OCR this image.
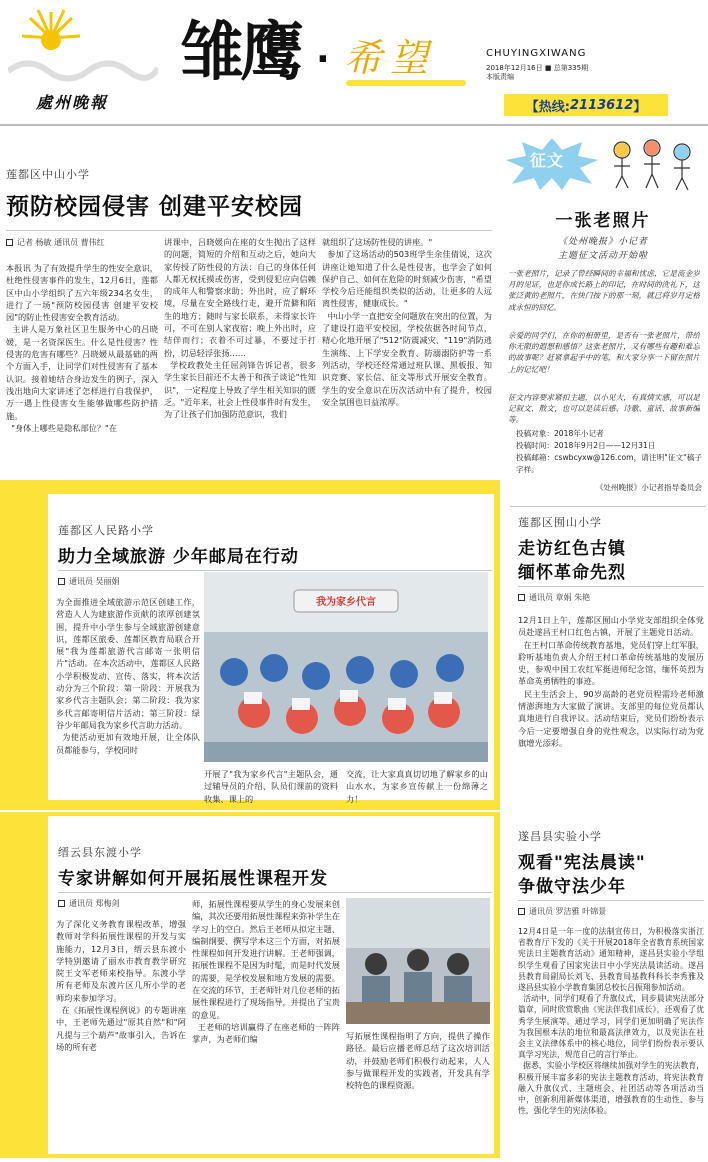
處州晚報
雏鹰 · 希望	CHUYINGXIWANG
2018年12月16日 ■ 总第335期
本版责编
【 热线: 2113612 】
莲都区中山小学
预防校园侵害 创建平安校园
记者 杨敏 通讯员 曹伟红
本报讯 为了有效提升学生的性安全意识，杜绝性侵害事件的发生，12月6日，莲都区中山小学组织了五六年级234名女生，进行了一场"预防校园侵害 创建平安校园"的防止性侵害安全教育活动。
主讲人是万象社区卫生服务中心的吕晓媛，是一名资深医生。什么是性侵害？性侵害的危害有哪些？吕晓媛从最基础的两个方面入手，让同学们对性侵害有了基本认识。接着她结合身边发生的例子，深入浅出地向大家讲述了怎样进行自我保护，万一遇上性侵害女生能够做哪些防护措施。
"身体上哪些是隐私部位？"在
讲课中，吕晓媛向在座的女生抛出了这样的问题，简短的介绍和互动之后，她向大家传授了防性侵的方法：自己的身体任何人都无权抚摸或伤害，受到侵犯应向信赖的成年人和警察求助；外出时，应了解环境，尽量在安全路线行走，避开荒僻和陌生的地方；随时与家长联系，未得家长许可，不可在别人家夜宿；晚上外出时，应结伴而行；衣着不可过暴，不要过于打扮，切忌轻浮张扬……
学校政教处主任屈剑锋告诉记者，很多学生家长目前还不太善于和孩子谈论"性知识"，一定程度上导致了学生相关知识的匮乏。"近年来，社会上性侵事件时有发生，为了让孩子们加强防范意识，我们
就组织了这场防性侵的讲座。"
参加了这场活动的503班学生余佳倩说，这次讲座让她知道了什么是性侵害，也学会了如何保护自己、如何在危险的时刻减少伤害，"希望学校今后还能组织类似的活动，让更多的人远离性侵害，健康成长。"
中山小学一直把安全问题放在突出的位置，为了建设打造平安校园，学校依据各时间节点，精心化地开展了"512"防震减灾、"119"消防逃生演练、上下学安全教育、防溺溺防护等一系列活动，学校还经常通过班队课、黑板报、知识竞赛、家长信、征文等形式开展安全教育。学生的安全意识在历次活动中有了提升，校园安全氛围也日益浓厚。
征文
一张老照片
《处州晚报》小记者
主题征文活动开始啦
一张老照片，记录了曾经瞬间的幸福和忧虑，它是流金岁月的见证，也是你成长路上的印记，在时间的洗礼下，这张泛黄的老照片，在快门按下的那一刻，就已将岁月定格成永恒的回忆。
亲爱的同学们，在你的相册里，是否有一张老照片，带给你无限的遐想和感悟？这张老照片，又有哪些有趣和难忘的故事呢？赶紧拿起手中的笔，和大家分享一下留在照片上的记忆吧！
征文内容要求紧扣主题，以小见大，有真情实感，可以是记叙文、散文，也可以是读后感、诗歌、童话、故事新编等。
投稿对象：2018年小记者
投稿时间：2018年9月2日——12月31日
投稿邮箱：cswbcyxw@126.com，请注明"征文"稿子字样。
《处州晚报》小记者指导委员会
莲都区人民路小学
助力全域旅游 少年邮局在行动
通讯员 吴丽娟
为全面推进全域旅游示范区创建工作，营造人人为建旅游作贡献的浓厚创建氛围，提升中小学生参与全域旅游创建意识，莲都区旅委、莲都区教育局联合开展"我为莲都旅游代言邮寄一张明信片"活动。在本次活动中，莲都区人民路小学积极发动、宣传、落实，将本次活动分为三个阶段：第一阶段：开展我为家乡代言主题队会；第二阶段：我为家乡代言邮寄明信片活动；第三阶段：绿谷少年邮局我为家乡代言助力活动。
为使活动更加有效地开展，让全体队员都能参与，学校同时
我为家乡代言
开展了"我为家乡代言"主题队会，通过辅导员的介绍、队员们课前的资料收集、课上的
交流，让大家真真切切地了解家乡的山山水水，为家乡宣传献上一份绵薄之力！
莲都区囿山小学
走访红色古镇
缅怀革命先烈
通讯员 章娟 朱艳
12月1日上午，莲都区囿山小学党支部组织全体党员赴遂昌王村口红色古镇，开展了主题党日活动。
在王村口革命传统教育基地，党员们穿上红军服，聆听基地负责人介绍王村口革命传统基地的发展历史，参观中国工农红军挺进师纪念馆，缅怀英烈为革命英勇牺牲的事迹。
民主生活会上，90岁高龄的老党员程需玲老师激情澎湃地为大家做了演讲。支部里的每位党员都认真地进行自我评议。活动结束后，党员们纷纷表示今后一定要增强自身的党性观念，以实际行动为党旗增光添彩。
遂昌县实验小学
观看"宪法晨读"
争做守法少年
通讯员 罗洁雅 叶锦景
12月4日是一年一度的法制宣传日，为积极落实浙江省教育厅下发的《关于开展2018年全省教育系统国家宪法日主题教育活动》通知精神，遂昌县实验小学组织学生观看了国家宪法日中小学宪法晨读活动。遂昌县教育局副局长刘飞、县教育局基教科科长李秀雅及遂昌县实验小学教育集团总校长吕振翔参加活动。
活动中，同学们观看了升旗仪式，同步晨读宪法部分篇章，同时欣赏歌曲《宪法伴我们成长》，还观看了优秀学生展演等。通过学习，同学们更加明确了宪法作为我国根本法的地位和最高法律效力，以及宪法在社会主义法律体系中的核心地位，同学们纷纷表示要认真学习宪法，规范自己的言行举止。
据悉，实验小学校区将继续加强对学生的宪法教育，积极开展丰富多彩的宪法主题教育活动，将宪法教育融入升旗仪式、主题班会、社团活动等各项活动当中，创新利用新媒体渠道，增强教育的生动性、参与性，强化学生的宪法体验。
缙云县东渡小学
专家讲解如何开展拓展性课程开发
通讯员 郑梅剑
为了深化义务教育课程改革，增强教师对学科拓展性课程的开发与实施能力，12月3日，缙云县东渡小学特别邀请了丽水市教育教学研究院王文军老师来校指导。东渡小学所有老师及东渡片区几所小学的老师均来参加学习。
在《拓展性课程例说》的专题讲座中，王老师先通过"原其自然"和"阿凡提与三个葫芦"故事引入，告诉在场的所有老
师，拓展性课程要从学生的身心发展来创编，其次还要用拓展性课程来弥补学生在学习上的空白。然后王老师从拟定主题、编制纲要、撰写学本这三个方面，对拓展性课程如何开发进行讲解。王老师强调，拓展性课程不是因为时髦，而是时代发展的需要，是学校发展和地方发展的需要。在交流的环节，王老师针对几位老师的拓展性课程进行了现场指导，并提出了宝贵的意见。
王老师的培训赢得了在座老师的一阵阵掌声，为老师们编	写拓展性课程指明了方向，提供了操作路径。最后应播老师总结了这次培训活动，并鼓励老师们积极行动起来，人人参与做课程开发的实践者，开发具有学校特色的课程资源。
